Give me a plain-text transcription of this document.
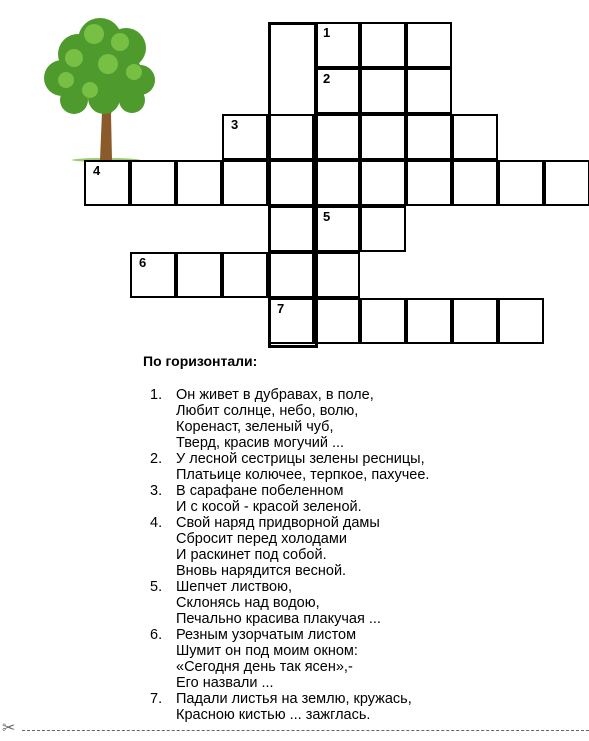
1
2
3
4
5
6
7
По горизонтали:
1. Он живет в дубравах, в поле,
Любит солнце, небо, волю,
Коренаст, зеленый чуб,
Тверд, красив могучий ...
2. У лесной сестрицы зелены ресницы,
Платьице колючее, терпкое, пахучее.
3. В сарафане побеленном
И с косой - красой зеленой.
4. Свой наряд придворной дамы
Сбросит перед холодами
И раскинет под собой.
Вновь нарядится весной.
5. Шепчет листвою,
Склонясь над водою,
Печально красива плакучая ...
6. Резным узорчатым листом
Шумит он под моим окном:
«Сегодня день так ясен»,-
Его назвали ...
7. Падали листья на землю, кружась,
Красною кистью ... зажглась.
✂
